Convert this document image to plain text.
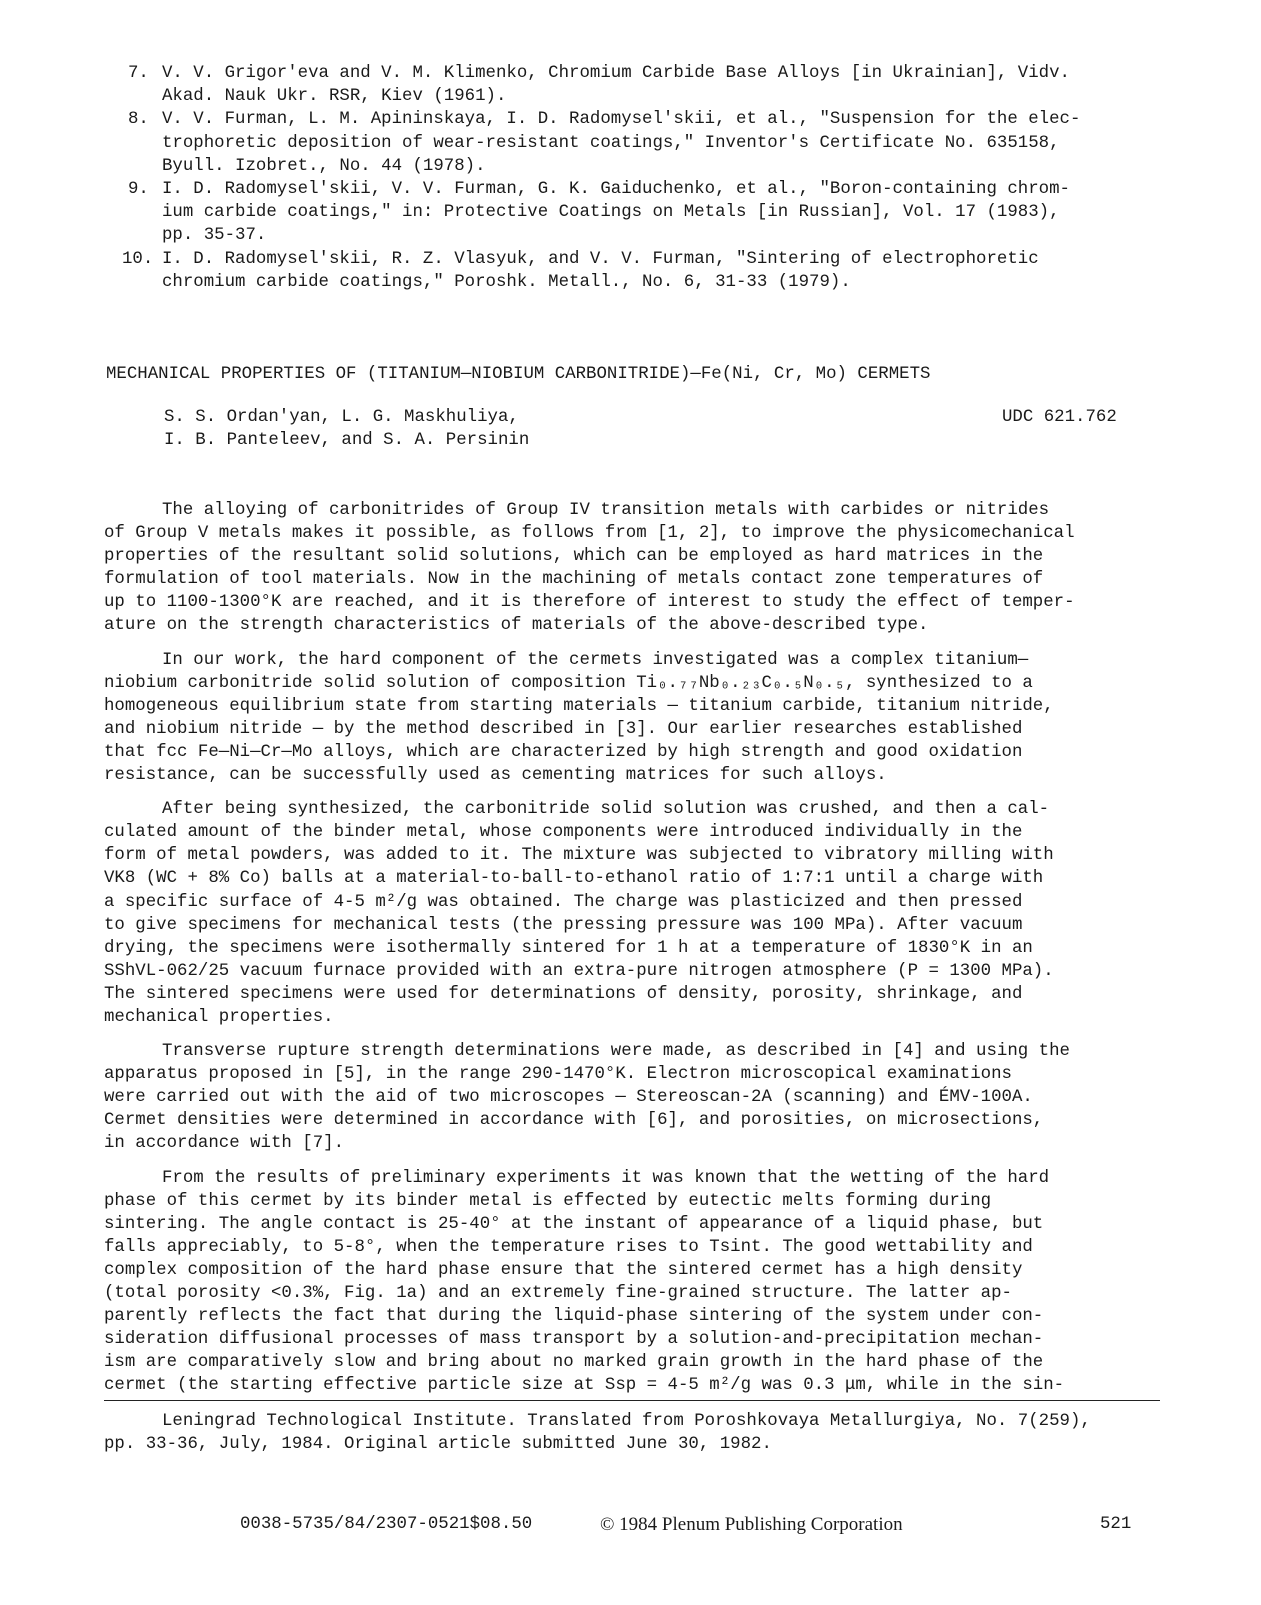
7. V. V. Grigor'eva and V. M. Klimenko, Chromium Carbide Base Alloys [in Ukrainian], Vidv.
Akad. Nauk Ukr. RSR, Kiev (1961).
8. V. V. Furman, L. M. Apininskaya, I. D. Radomysel'skii, et al., "Suspension for the elec-
trophoretic deposition of wear-resistant coatings," Inventor's Certificate No. 635158,
Byull. Izobret., No. 44 (1978).
9. I. D. Radomysel'skii, V. V. Furman, G. K. Gaiduchenko, et al., "Boron-containing chrom-
ium carbide coatings," in: Protective Coatings on Metals [in Russian], Vol. 17 (1983),
pp. 35-37.
10. I. D. Radomysel'skii, R. Z. Vlasyuk, and V. V. Furman, "Sintering of electrophoretic
chromium carbide coatings," Poroshk. Metall., No. 6, 31-33 (1979).
MECHANICAL PROPERTIES OF (TITANIUM—NIOBIUM CARBONITRIDE)—Fe(Ni, Cr, Mo) CERMETS
S. S. Ordan'yan, L. G. Maskhuliya,
I. B. Panteleev, and S. A. Persinin
UDC 621.762
The alloying of carbonitrides of Group IV transition metals with carbides or nitrides
of Group V metals makes it possible, as follows from [1, 2], to improve the physicomechanical
properties of the resultant solid solutions, which can be employed as hard matrices in the
formulation of tool materials. Now in the machining of metals contact zone temperatures of
up to 1100-1300°K are reached, and it is therefore of interest to study the effect of temper-
ature on the strength characteristics of materials of the above-described type.
In our work, the hard component of the cermets investigated was a complex titanium—
niobium carbonitride solid solution of composition Ti₀.₇₇Nb₀.₂₃C₀.₅N₀.₅, synthesized to a
homogeneous equilibrium state from starting materials — titanium carbide, titanium nitride,
and niobium nitride — by the method described in [3]. Our earlier researches established
that fcc Fe—Ni—Cr—Mo alloys, which are characterized by high strength and good oxidation
resistance, can be successfully used as cementing matrices for such alloys.
After being synthesized, the carbonitride solid solution was crushed, and then a cal-
culated amount of the binder metal, whose components were introduced individually in the
form of metal powders, was added to it. The mixture was subjected to vibratory milling with
VK8 (WC + 8% Co) balls at a material-to-ball-to-ethanol ratio of 1:7:1 until a charge with
a specific surface of 4-5 m²/g was obtained. The charge was plasticized and then pressed
to give specimens for mechanical tests (the pressing pressure was 100 MPa). After vacuum
drying, the specimens were isothermally sintered for 1 h at a temperature of 1830°K in an
SShVL-062/25 vacuum furnace provided with an extra-pure nitrogen atmosphere (P = 1300 MPa).
The sintered specimens were used for determinations of density, porosity, shrinkage, and
mechanical properties.
Transverse rupture strength determinations were made, as described in [4] and using the
apparatus proposed in [5], in the range 290-1470°K. Electron microscopical examinations
were carried out with the aid of two microscopes — Stereoscan-2A (scanning) and ÉMV-100A.
Cermet densities were determined in accordance with [6], and porosities, on microsections,
in accordance with [7].
From the results of preliminary experiments it was known that the wetting of the hard
phase of this cermet by its binder metal is effected by eutectic melts forming during
sintering. The angle contact is 25-40° at the instant of appearance of a liquid phase, but
falls appreciably, to 5-8°, when the temperature rises to Tsint. The good wettability and
complex composition of the hard phase ensure that the sintered cermet has a high density
(total porosity <0.3%, Fig. 1a) and an extremely fine-grained structure. The latter ap-
parently reflects the fact that during the liquid-phase sintering of the system under con-
sideration diffusional processes of mass transport by a solution-and-precipitation mechan-
ism are comparatively slow and bring about no marked grain growth in the hard phase of the
cermet (the starting effective particle size at Ssp = 4-5 m²/g was 0.3 μm, while in the sin-
Leningrad Technological Institute. Translated from Poroshkovaya Metallurgiya, No. 7(259),
pp. 33-36, July, 1984. Original article submitted June 30, 1982.
0038-5735/84/2307-0521$08.50	© 1984 Plenum Publishing Corporation	521
